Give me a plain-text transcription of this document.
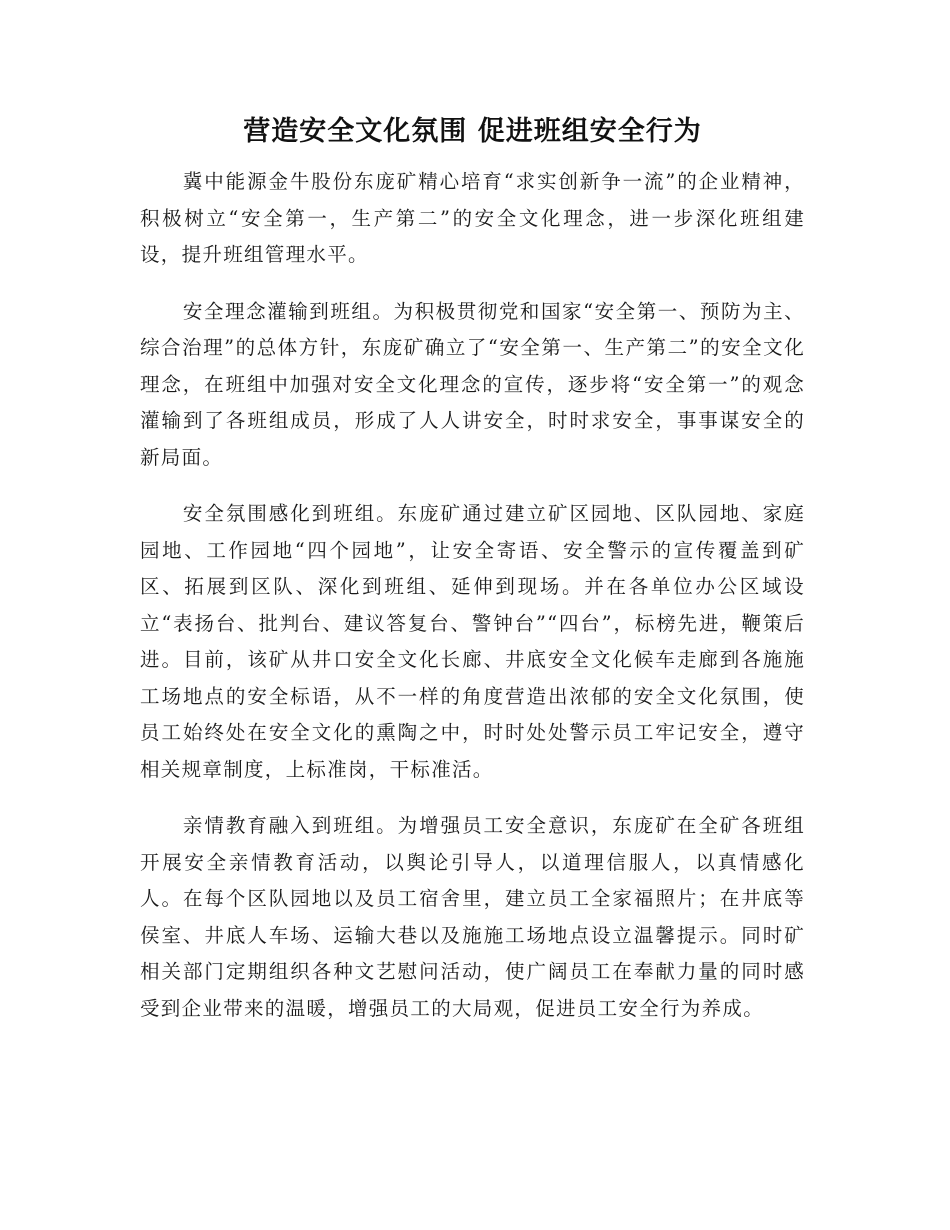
营造安全文化氛围 促进班组安全行为

冀中能源金牛股份东庞矿精心培育“求实创新争一流”的企业精神，积极树立“安全第一，生产第二”的安全文化理念，进一步深化班组建设，提升班组管理水平。

安全理念灌输到班组。为积极贯彻党和国家“安全第一、预防为主、综合治理”的总体方针，东庞矿确立了“安全第一、生产第二”的安全文化理念，在班组中加强对安全文化理念的宣传，逐步将“安全第一”的观念灌输到了各班组成员，形成了人人讲安全，时时求安全，事事谋安全的新局面。

安全氛围感化到班组。东庞矿通过建立矿区园地、区队园地、家庭园地、工作园地“四个园地”，让安全寄语、安全警示的宣传覆盖到矿区、拓展到区队、深化到班组、延伸到现场。并在各单位办公区域设立“表扬台、批判台、建议答复台、警钟台”“四台”，标榜先进，鞭策后进。目前，该矿从井口安全文化长廊、井底安全文化候车走廊到各施施工场地点的安全标语，从不一样的角度营造出浓郁的安全文化氛围，使员工始终处在安全文化的熏陶之中，时时处处警示员工牢记安全，遵守相关规章制度，上标准岗，干标准活。

亲情教育融入到班组。为增强员工安全意识，东庞矿在全矿各班组开展安全亲情教育活动，以舆论引导人，以道理信服人，以真情感化人。在每个区队园地以及员工宿舍里，建立员工全家福照片；在井底等侯室、井底人车场、运输大巷以及施施工场地点设立温馨提示。同时矿相关部门定期组织各种文艺慰问活动，使广阔员工在奉献力量的同时感受到企业带来的温暖，增强员工的大局观，促进员工安全行为养成。
